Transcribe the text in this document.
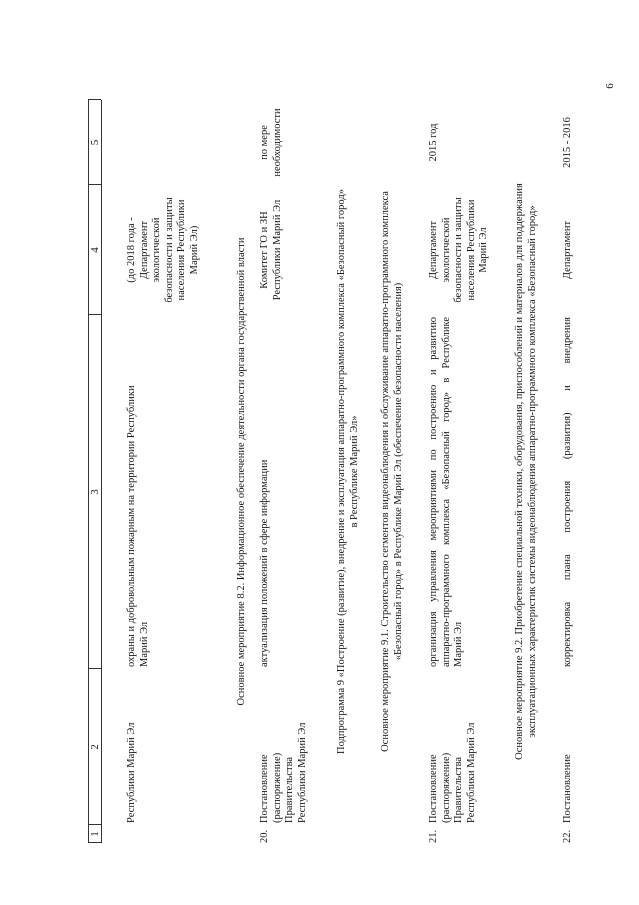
6
1
2
3
4
5
Республики Марий Эл
охраны и добровольным пожарным на территории Республики
Марий Эл
(до 2018 года -
Департамент
экологической
безопасности и защиты
населения Республики
Марий Эл)
Основное мероприятие 8.2. Информационное обеспечение деятельности органа государственной власти
20.
Постановление
(распоряжение)
Правительства
Республики Марий Эл
актуализация положений в сфере информации
Комитет ГО и ЗН
Республики Марий Эл
по мере
необходимости
Подпрограмма 9 «Построение (развитие), внедрение и эксплуатация аппаратно-программного комплекса «Безопасный город»
в Республике Марий Эл»
Основное мероприятие 9.1. Строительство сегментов видеонаблюдения и обслуживание аппаратно-программного комплекса
«Безопасный город» в Республике Марий Эл (обеспечение безопасности населения)
21.
Постановление
(распоряжение)
Правительства
Республики Марий Эл
организация управления мероприятиями по построению и развитию аппаратно-программного комплекса «Безопасный город» в Республике Марий Эл
Департамент
экологической
безопасности и защиты
населения Республики
Марий Эл
2015 год
Основное мероприятие 9.2. Приобретение специальной техники, оборудования, приспособлений и материалов для поддержания
эксплуатационных характеристик системы видеонаблюдения аппаратно-программного комплекса «Безопасный город»
22.
Постановление
корректировка плана построения (развития) и внедрения
Департамент
2015 - 2016
